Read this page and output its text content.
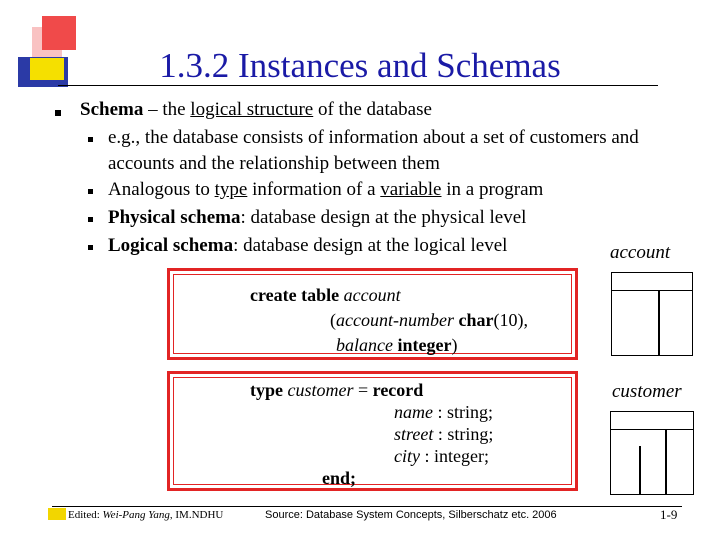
1.3.2 Instances and Schemas
Schema – the logical structure of the database
e.g., the database consists of information about a set of customers and
accounts and the relationship between them
Analogous to type information of a variable in a program
Physical schema: database design at the physical level
Logical schema: database design at the logical level
create table account
(account-number char(10),
balance integer)
type customer = record
name : string;
street : string;
city : integer;
end;
account
customer
Edited: Wei-Pang Yang, IM.NDHU	Source: Database System Concepts, Silberschatz etc. 2006	1-9
